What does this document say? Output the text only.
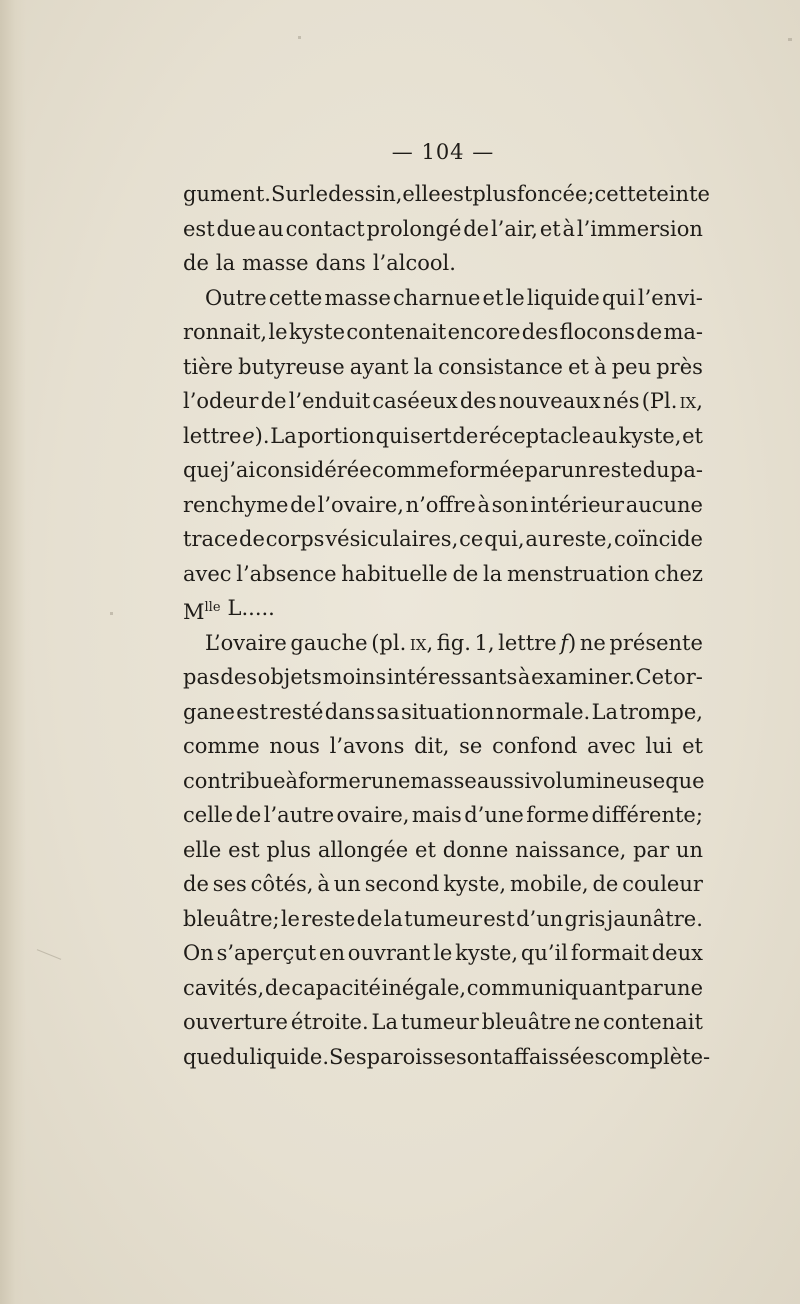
— 104 —
gument. Sur le dessin, elle est plus foncée; cette teinte
est due au contact prolongé de l’air, et à l’immersion
de la masse dans l’alcool.
Outre cette masse charnue et le liquide qui l’envi-
ronnait, le kyste contenait encore des flocons de ma-
tière butyreuse ayant la consistance et à peu près
l’odeur de l’enduit caséeux des nouveaux nés (Pl. ix,
lettre e). La portion qui sert de réceptacle au kyste, et
que j’ai considérée comme formée par un reste du pa-
renchyme de l’ovaire, n’offre à son intérieur aucune
trace de corps vésiculaires, ce qui, au reste, coïncide
avec l’absence habituelle de la menstruation chez
Mlle L.....
L’ovaire gauche (pl. ix, fig. 1, lettre f) ne présente
pas des objets moins intéressants à examiner. Cet or-
gane est resté dans sa situation normale. La trompe,
comme nous l’avons dit, se confond avec lui et
contribue à former une masse aussi volumineuse que
celle de l’autre ovaire, mais d’une forme différente;
elle est plus allongée et donne naissance, par un
de ses côtés, à un second kyste, mobile, de couleur
bleuâtre; le reste de la tumeur est d’un gris jaunâtre.
On s’aperçut en ouvrant le kyste, qu’il formait deux
cavités, de capacité inégale, communiquant par une
ouverture étroite. La tumeur bleuâtre ne contenait
que du liquide. Ses parois se sont affaissées complète-
